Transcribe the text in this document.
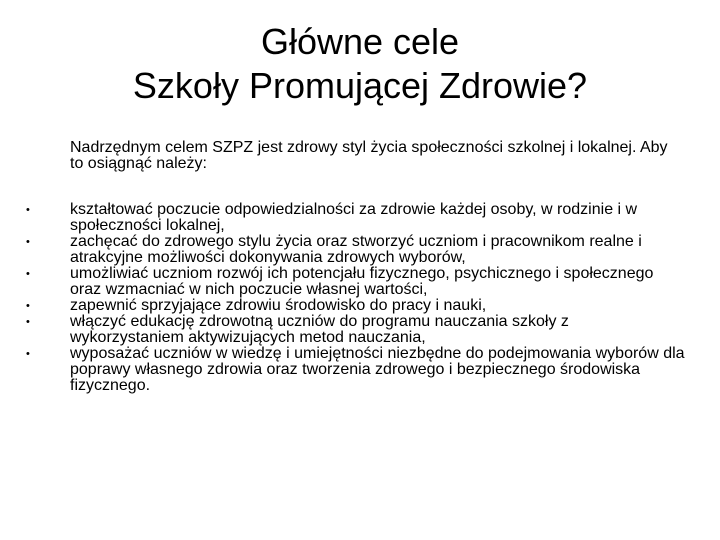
Główne cele
Szkoły Promującej Zdrowie?
Nadrzędnym celem SZPZ jest zdrowy styl życia społeczności szkolnej i lokalnej. Aby to osiągnąć należy:
•	kształtować poczucie odpowiedzialności za zdrowie każdej osoby, w rodzinie i w społeczności lokalnej,
•	zachęcać do zdrowego stylu życia oraz stworzyć uczniom i pracownikom realne i atrakcyjne możliwości dokonywania zdrowych wyborów,
•	umożliwiać uczniom rozwój ich potencjału fizycznego, psychicznego i społecznego oraz wzmacniać w nich poczucie własnej wartości,
•	zapewnić sprzyjające zdrowiu środowisko do pracy i nauki,
•	włączyć edukację zdrowotną uczniów do programu nauczania szkoły z wykorzystaniem aktywizujących metod nauczania,
•	wyposażać uczniów w wiedzę i umiejętności niezbędne do podejmowania wyborów dla poprawy własnego zdrowia oraz tworzenia zdrowego i bezpiecznego środowiska fizycznego.
